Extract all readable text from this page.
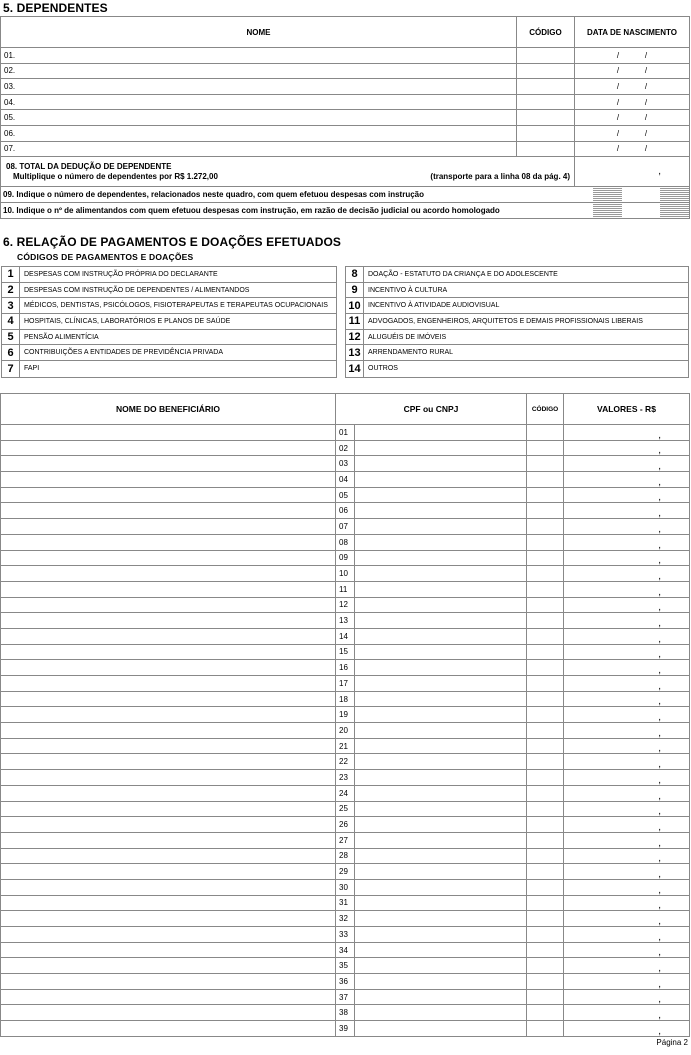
5. DEPENDENTES
NOME	CÓDIGO	DATA DE NASCIMENTO
01.		/ /
02.		/ /
03.		/ /
04.		/ /
05.		/ /
06.		/ /
07.		/ /

08. TOTAL DA DEDUÇÃO DE DEPENDENTE
Multiplique o número de dependentes por R$ 1.272,00 (transporte para a linha 08 da pág. 4)		,
09. Indique o número de dependentes, relacionados neste quadro, com quem efetuou despesas com instrução		

10. Indique o nº de alimentandos com quem efetuou despesas com instrução, em razão de decisão judicial ou acordo homologado		
6. RELAÇÃO DE PAGAMENTOS E DOAÇÕES EFETUADOS
CÓDIGOS DE PAGAMENTOS E DOAÇÕES
1	DESPESAS COM INSTRUÇÃO PRÓPRIA DO DECLARANTE
2	DESPESAS COM INSTRUÇÃO DE DEPENDENTES / ALIMENTANDOS
3	MÉDICOS, DENTISTAS, PSICÓLOGOS, FISIOTERAPEUTAS E TERAPEUTAS OCUPACIONAIS
4	HOSPITAIS, CLÍNICAS, LABORATÓRIOS E PLANOS DE SAÚDE
5	PENSÃO ALIMENTÍCIA
6	CONTRIBUIÇÕES A ENTIDADES DE PREVIDÊNCIA PRIVADA
7	FAPI
8	DOAÇÃO - ESTATUTO DA CRIANÇA E DO ADOLESCENTE
9	INCENTIVO À CULTURA
10	INCENTIVO À ATIVIDADE AUDIOVISUAL
11	ADVOGADOS, ENGENHEIROS, ARQUITETOS E DEMAIS PROFISSIONAIS LIBERAIS
12	ALUGUÉIS DE IMÓVEIS
13	ARRENDAMENTO RURAL
14	OUTROS
NOME DO BENEFICIÁRIO	CPF ou CNPJ		CÓDIGO	VALORES - R$
	01			,
	02			,
	03			,
	04			,
	05			,
	06			,
	07			,
	08			,
	09			,
	10			,
	11			,
	12			,
	13			,
	14			,
	15			,
	16			,
	17			,
	18			,
	19			,
	20			,
	21			,
	22			,
	23			,
	24			,
	25			,
	26			,
	27			,
	28			,
	29			,
	30			,
	31			,
	32			,
	33			,
	34			,
	35			,
	36			,
	37			,
	38			,
	39			,
Página 2
